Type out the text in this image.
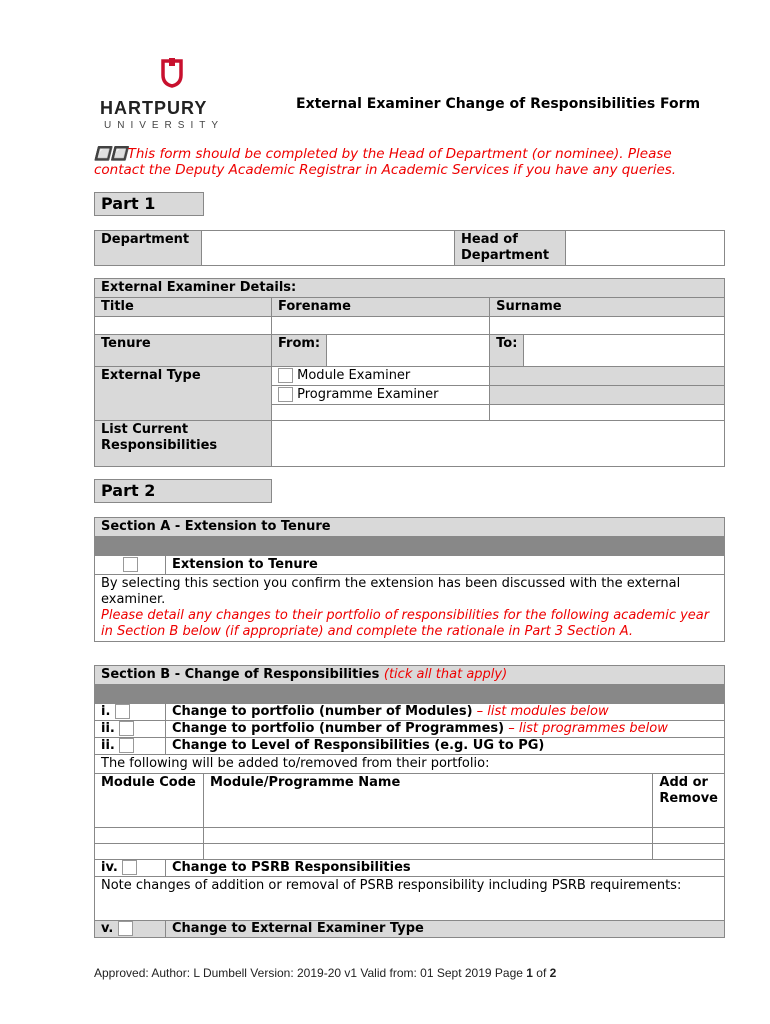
HARTPURY
UNIVERSITY
External Examiner Change of Responsibilities Form
🔲🔲This form should be completed by the Head of Department (or nominee). Please contact the Deputy Academic Registrar in Academic Services if you have any queries.
Part 1
Department		Head of Department	
External Examiner Details:				
Title	Forename		Surname	

Tenure	From:		To:	
External Type	Module Examiner			
	Programme Examiner			

List Current Responsibilities				
Part 2
Section A - Extension to Tenure

	Extension to Tenure

By selecting this section you confirm the extension has been discussed with the external examiner.
Please detail any changes to their portfolio of responsibilities for the following academic year in Section B below (if appropriate) and complete the rationale in Part 3 Section A.
Section B - Change of Responsibilities (tick all that apply)		

i. Change to portfolio (number of Modules) – list modules below		

ii. Change to portfolio (number of Programmes) – list programmes below		

ii. Change to Level of Responsibilities (e.g. UG to PG)		

The following will be added to/removed from their portfolio:		
Module Code	Module/Programme Name	Add or Remove

iv. Change to PSRB Responsibilities		

Note changes of addition or removal of PSRB responsibility including PSRB requirements:		

v. Change to External Examiner Type		
Approved: Author: L Dumbell Version: 2019-20 v1 Valid from: 01 Sept 2019 Page 1 of 2
